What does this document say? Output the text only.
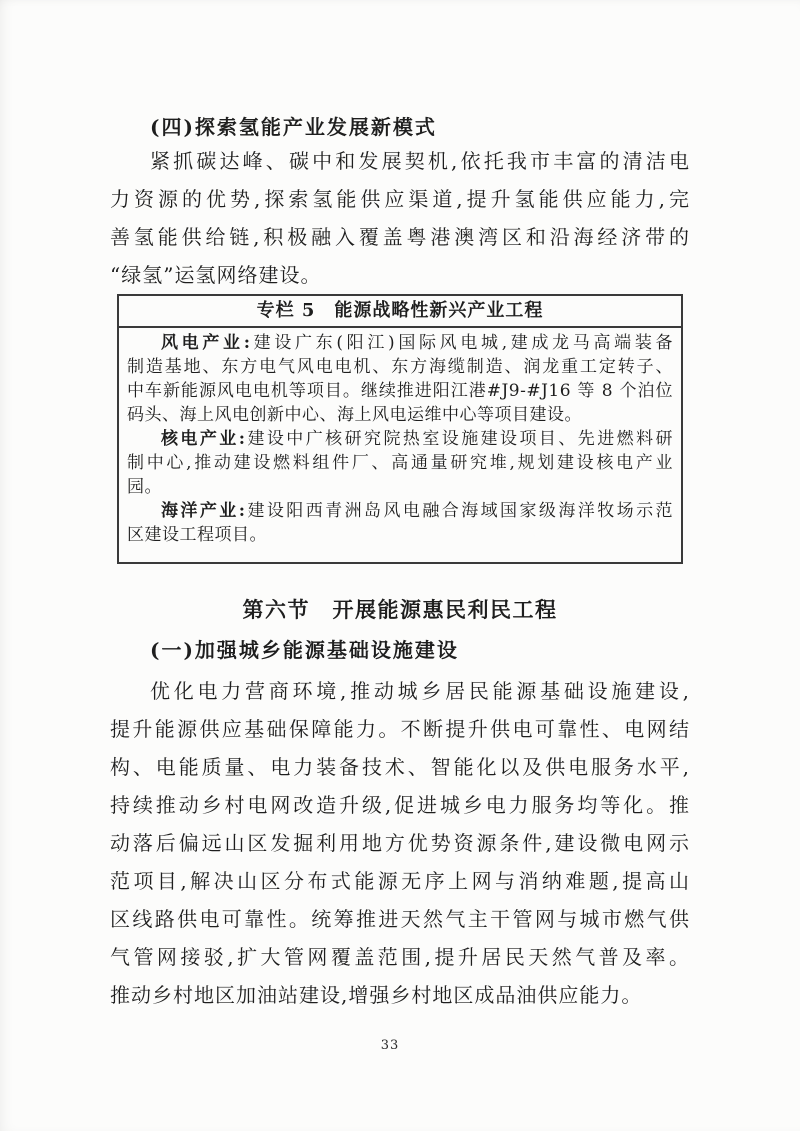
(四)探索氢能产业发展新模式
紧抓碳达峰、碳中和发展契机,依托我市丰富的清洁电
力资源的优势,探索氢能供应渠道,提升氢能供应能力,完
善氢能供给链,积极融入覆盖粤港澳湾区和沿海经济带的
“绿氢”运氢网络建设。
专栏 5　能源战略性新兴产业工程
风电产业:建设广东(阳江)国际风电城,建成龙马高端装备
制造基地、东方电气风电电机、东方海缆制造、润龙重工定转子、
中车新能源风电电机等项目。继续推进阳江港#J9-#J16 等 8 个泊位
码头、海上风电创新中心、海上风电运维中心等项目建设。
核电产业:建设中广核研究院热室设施建设项目、先进燃料研
制中心,推动建设燃料组件厂、高通量研究堆,规划建设核电产业
园。
海洋产业:建设阳西青洲岛风电融合海域国家级海洋牧场示范
区建设工程项目。
第六节　开展能源惠民利民工程
(一)加强城乡能源基础设施建设
优化电力营商环境,推动城乡居民能源基础设施建设,
提升能源供应基础保障能力。不断提升供电可靠性、电网结
构、电能质量、电力装备技术、智能化以及供电服务水平,
持续推动乡村电网改造升级,促进城乡电力服务均等化。推
动落后偏远山区发掘利用地方优势资源条件,建设微电网示
范项目,解决山区分布式能源无序上网与消纳难题,提高山
区线路供电可靠性。统筹推进天然气主干管网与城市燃气供
气管网接驳,扩大管网覆盖范围,提升居民天然气普及率。
推动乡村地区加油站建设,增强乡村地区成品油供应能力。
33
